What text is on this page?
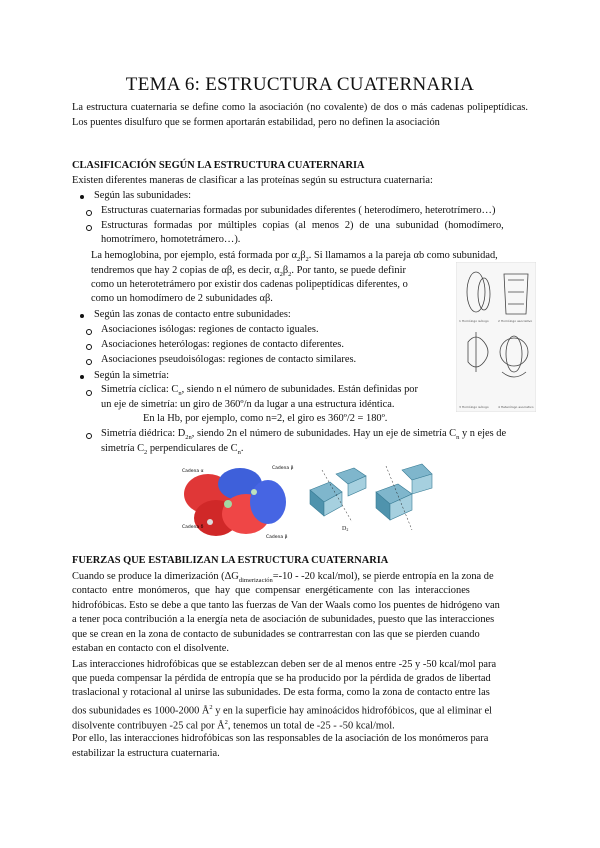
TEMA 6: ESTRUCTURA CUATERNARIA
La estructura cuaternaria se define como la asociación (no covalente) de dos o más cadenas polipeptídicas. Los puentes disulfuro que se formen aportarán estabilidad, pero no definen la asociación
CLASIFICACIÓN SEGÚN LA ESTRUCTURA CUATERNARIA
Existen diferentes maneras de clasificar a las proteínas según su estructura cuaternaria:
Según las subunidades:
Estructuras cuaternarias formadas por subunidades diferentes ( heterodímero, heterotrímero…)
Estructuras formadas por múltiples copias (al menos 2) de una subunidad (homodímero,
homotrímero, homotetrámero…).
La hemoglobina, por ejemplo, está formada por $\alpha_2\beta_2$. Si llamamos a la pareja αb como subunidad,
tendremos que hay 2 copias de αβ, es decir, $\alpha_2\beta_2$. Por tanto, se puede definir
como un heterotetrámero por existir dos cadenas polipeptídicas diferentes, o
como un homodímero de 2 subunidades αβ.
Según las zonas de contacto entre subunidades:
Asociaciones isólogas: regiones de contacto iguales.
Asociaciones heterólogas: regiones de contacto diferentes.
Asociaciones pseudoisólogas: regiones de contacto similares.
Según la simetría:
Simetría cíclica: $C_n$, siendo n el número de subunidades. Están definidas por
un eje de simetría: un giro de 360º/n da lugar a una estructura idéntica.
En la Hb, por ejemplo, como n=2, el giro es 360º/2 = 180º.
Simetría diédrica: $D_{2n}$, siendo 2n el número de subunidades. Hay un eje de simetría $C_n$ y n ejes de
simetría $C_2$ perpendiculares de $C_n$.
1 Homólogo isólogo	2 Homólogo asociativo
3 Homólogo isólogo	4 Heterólogo asociativo
Cadena α
Cadena β
Cadena δ
Cadena β
D2
FUERZAS QUE ESTABILIZAN LA ESTRUCTURA CUATERNARIA
Cuando se produce la dimerización ($\Delta G_{dimerización}=-10 - -20$ kcal/mol), se pierde entropía en la zona de
contacto entre monómeros, que hay que compensar energéticamente con las interacciones
hidrofóbicas. Esto se debe a que tanto las fuerzas de Van der Waals como los puentes de hidrógeno van
a tener poca contribución a la energía neta de asociación de subunidades, puesto que las interacciones
que se crean en la zona de contacto de subunidades se contrarrestan con las que se pierden cuando
estaban en contacto con el disolvente.
Las interacciones hidrofóbicas que se establezcan deben ser de al menos entre -25 y -50 kcal/mol para
que pueda compensar la pérdida de entropía que se ha producido por la pérdida de grados de libertad
traslacional y rotacional al unirse las subunidades. De esta forma, como la zona de contacto entre las
dos subunidades es 1000-2000 $Å^2$ y en la superficie hay aminoácidos hidrofóbicos, que al eliminar el
disolvente contribuyen -25 cal por $Å^2$, tenemos un total de -25 - -50 kcal/mol.
Por ello, las interacciones hidrofóbicas son las responsables de la asociación de los monómeros para
estabilizar la estructura cuaternaria.
